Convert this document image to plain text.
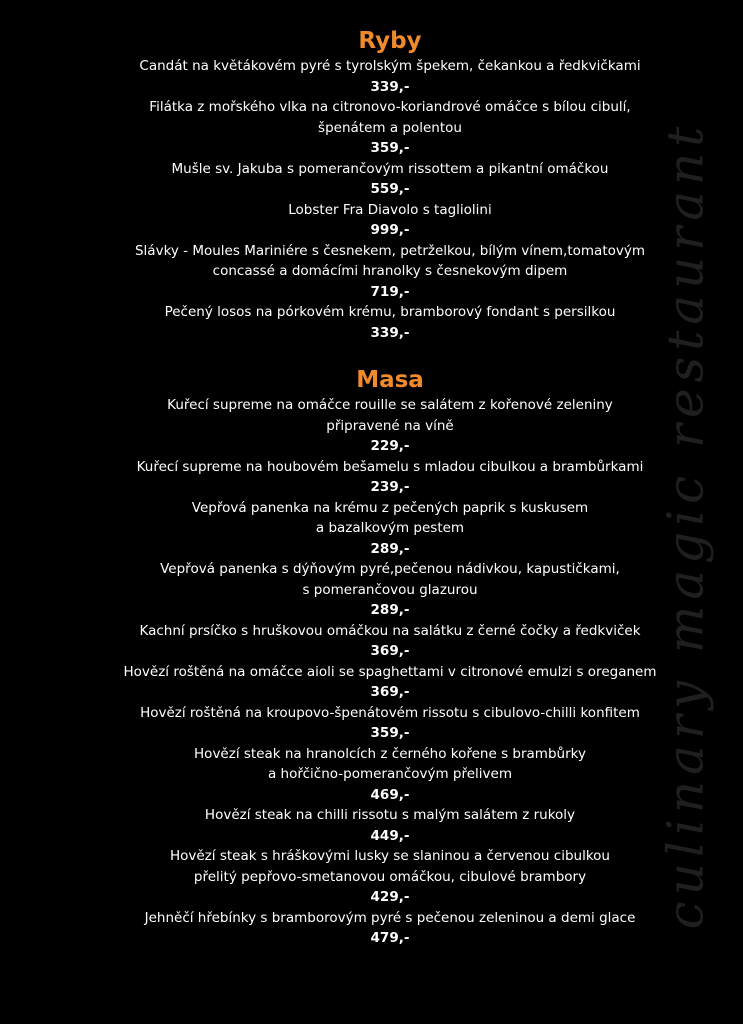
culinary magic restaurant
Ryby
Candát na květákovém pyré s tyrolským špekem, čekankou a ředkvičkami
339,-
Filátka z mořského vlka na citronovo-koriandrové omáčce s bílou cibulí,
špenátem a polentou
359,-
Mušle sv. Jakuba s pomerančovým rissottem a pikantní omáčkou
559,-
Lobster Fra Diavolo s tagliolini
999,-
Slávky - Moules Mariniére s česnekem, petrželkou, bílým vínem,tomatovým
concassé a domácími hranolky s česnekovým dipem
719,-
Pečený losos na pórkovém krému, bramborový fondant s persilkou
339,-
Masa
Kuřecí supreme na omáčce rouille se salátem z kořenové zeleniny
připravené na víně
229,-
Kuřecí supreme na houbovém bešamelu s mladou cibulkou a brambůrkami
239,-
Vepřová panenka na krému z pečených paprik s kuskusem
a bazalkovým pestem
289,-
Vepřová panenka s dýňovým pyré,pečenou nádivkou, kapustičkami,
s pomerančovou glazurou
289,-
Kachní prsíčko s hruškovou omáčkou na salátku z černé čočky a ředkviček
369,-
Hovězí roštěná na omáčce aioli se spaghettami v citronové emulzi s oreganem
369,-
Hovězí roštěná na kroupovo-špenátovém rissotu s cibulovo-chilli konfitem
359,-
Hovězí steak na hranolcích z černého kořene s brambůrky
a hořčično-pomerančovým přelivem
469,-
Hovězí steak na chilli rissotu s malým salátem z rukoly
449,-
Hovězí steak s hráškovými lusky se slaninou a červenou cibulkou
přelitý pepřovo-smetanovou omáčkou, cibulové brambory
429,-
Jehněčí hřebínky s bramborovým pyré s pečenou zeleninou a demi glace
479,-
